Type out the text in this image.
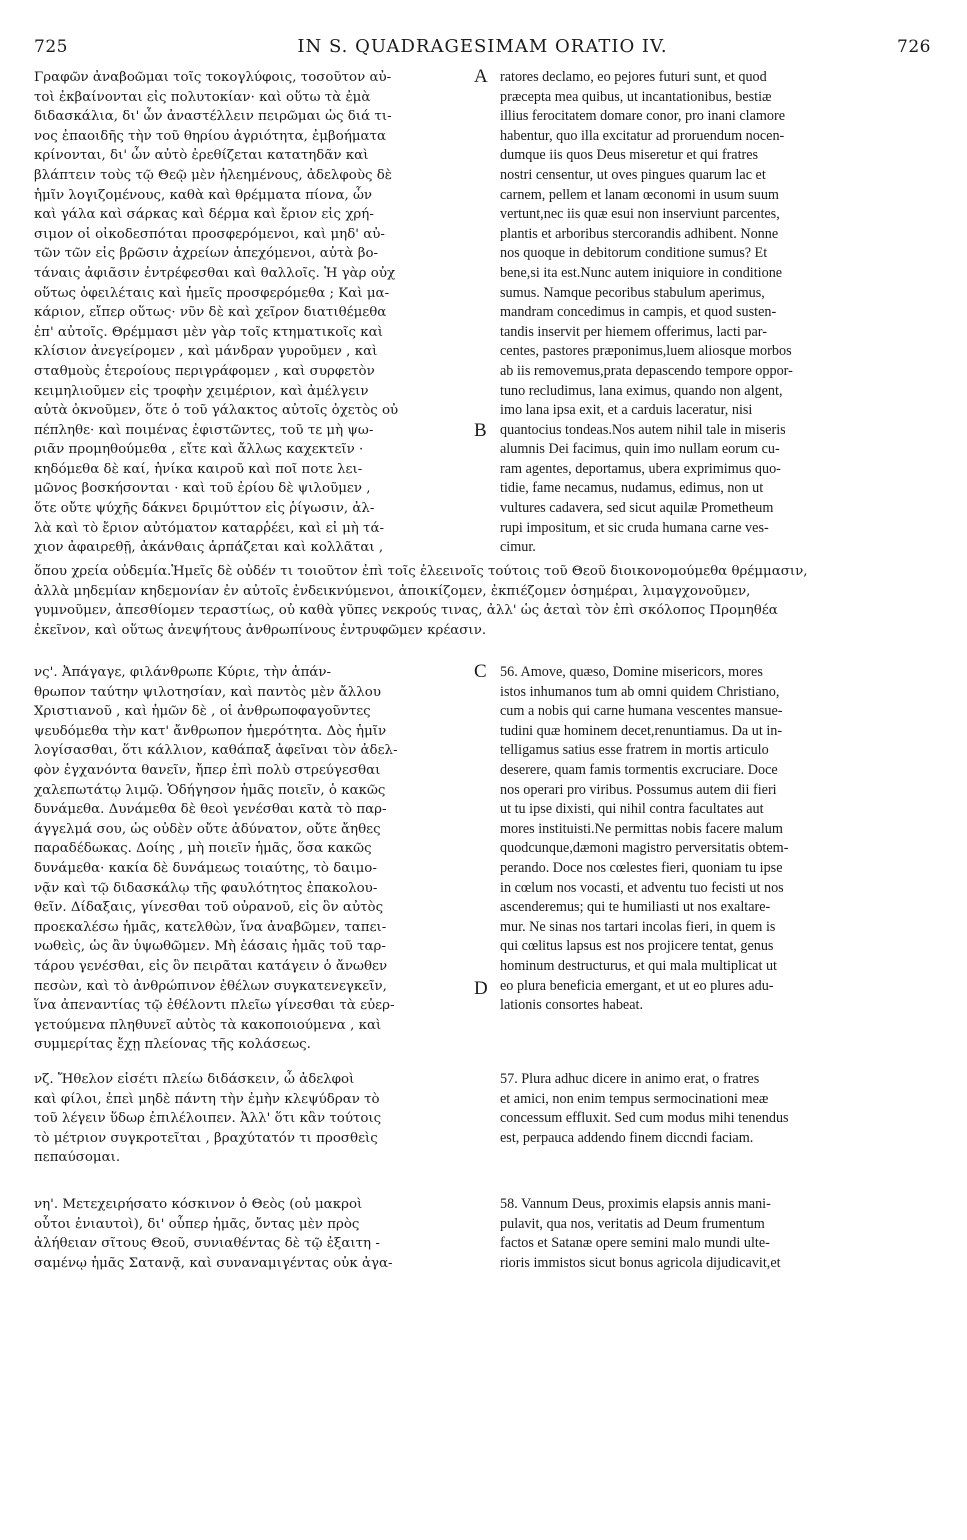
725	IN S. QUADRAGESIMAM ORATIO IV.	726
Γραφῶν ἀναβοῶμαι τοῖς τοκογλύφοις, τοσοῦτον αὐ-
τοὶ ἐκβαίνονται εἰς πολυτοκίαν· καὶ οὕτω τὰ ἐμὰ
διδασκάλια, δι' ὧν ἀναστέλλειν πειρῶμαι ὡς διά τι-
νος ἐπαοιδῆς τὴν τοῦ θηρίου ἀγριότητα, ἐμβοήματα
κρίνονται, δι' ὧν αὐτὸ ἐρεθίζεται κατατηδᾶν καὶ
βλάπτειν τοὺς τῷ Θεῷ μὲν ἠλεημένους, ἀδελφοὺς δὲ
ἡμῖν λογιζομένους, καθὰ καὶ θρέμματα πίονα, ὧν
καὶ γάλα καὶ σάρκας καὶ δέρμα καὶ ἔριον εἰς χρή-
σιμον οἱ οἰκοδεσπόται προσφερόμενοι, καὶ μηδ' αὐ-
τῶν τῶν εἰς βρῶσιν ἀχρείων ἀπεχόμενοι, αὐτὰ βο-
τάναις ἀφιᾶσιν ἐντρέφεσθαι καὶ θαλλοῖς. Ἡ γὰρ οὐχ
οὕτως ὀφειλέταις καὶ ἡμεῖς προσφερόμεθα ; Καὶ μα-
κάριον, εἴπερ οὕτως· νῦν δὲ καὶ χεῖρον διατιθέμεθα
ἐπ' αὐτοῖς. Θρέμμασι μὲν γὰρ τοῖς κτηματικοῖς καὶ
κλίσιον ἀνεγείρομεν , καὶ μάνδραν γυροῦμεν , καὶ
σταθμοὺς ἑτεροίους περιγράφομεν , καὶ συρφετὸν
κειμηλιοῦμεν εἰς τροφὴν χειμέριον, καὶ ἀμέλγειν
αὐτὰ ὀκνοῦμεν, ὅτε ὁ τοῦ γάλακτος αὐτοῖς ὀχετὸς οὐ
πέπληθε· καὶ ποιμένας ἐφιστῶντες, τοῦ τε μὴ ψω-
ριᾶν προμηθούμεθα , εἴτε καὶ ἄλλως καχεκτεῖν ·
κηδόμεθα δὲ καί, ἡνίκα καιροῦ καὶ ποῖ ποτε λει-
μῶνος βοσκήσονται · καὶ τοῦ ἐρίου δὲ ψιλοῦμεν ,
ὅτε οὔτε ψύχῆς δάκνει δριμύττον εἰς ῥίγωσιν, ἀλ-
λὰ καὶ τὸ ἔριον αὐτόματον καταρῥέει, καὶ εἰ μὴ τά-
χιον ἀφαιρεθῇ, ἀκάνθαις ἁρπάζεται καὶ κολλᾶται ,
ratores declamo, eo pejores futuri sunt, et quod
præcepta mea quibus, ut incantationibus, bestiæ
illius ferocitatem domare conor, pro inani clamore
habentur, quo illa excitatur ad proruendum nocen-
dumque iis quos Deus miseretur et qui fratres
nostri censentur, ut oves pingues quarum lac et
carnem, pellem et lanam œconomi in usum suum
vertunt,nec iis quæ esui non inserviunt parcentes,
plantis et arboribus stercorandis adhibent. Nonne
nos quoque in debitorum conditione sumus? Et
bene,si ita est.Nunc autem iniquiore in conditione
sumus. Namque pecoribus stabulum aperimus,
mandram concedimus in campis, et quod susten-
tandis inservit per hiemem offerimus, lacti par-
centes, pastores præponimus,luem aliosque morbos
ab iis removemus,prata depascendo tempore oppor-
tuno recludimus, lana eximus, quando non algent,
imo lana ipsa exit, et a carduis laceratur, nisi
quantocius tondeas.Nos autem nihil tale in miseris
alumnis Dei facimus, quin imo nullam eorum cu-
ram agentes, deportamus, ubera exprimimus quo-
tidie, fame necamus, nudamus, edimus, non ut
vultures cadavera, sed sicut aquilæ Prometheum
rupi impositum, et sic cruda humana carne ves-
cimur.
ὅπου χρεία οὐδεμία.Ἡμεῖς δὲ οὐδέν τι τοιοῦτον ἐπὶ τοῖς ἐλεεινοῖς τούτοις τοῦ Θεοῦ διοικονομούμεθα θρέμμασιν,
ἀλλὰ μηδεμίαν κηδεμονίαν ἐν αὐτοῖς ἐνδεικνύμενοι, ἀποικίζομεν, ἐκπιέζομεν ὁσημέραι, λιμαγχονοῦμεν,
γυμνοῦμεν, ἀπεσθίομεν τεραστίως, οὐ καθὰ γῦπες νεκρούς τινας, ἀλλ' ὡς ἀεταὶ τὸν ἐπὶ σκόλοπος Προμηθέα
ἐκεῖνον, καὶ οὕτως ἀνεψήτους ἀνθρωπίνους ἐντρυφῶμεν κρέασιν.
νς'. Ἀπάγαγε, φιλάνθρωπε Κύριε, τὴν ἀπάν-
θρωπον ταύτην ψιλοτησίαν, καὶ παντὸς μὲν ἄλλου
Χριστιανοῦ , καὶ ἡμῶν δὲ , οἱ ἀνθρωποφαγοῦντες
ψευδόμεθα τὴν κατ' ἄνθρωπον ἡμερότητα. Δὸς ἡμῖν
λογίσασθαι, ὅτι κάλλιον, καθάπαξ ἀφεῖναι τὸν ἀδελ-
φὸν ἐγχανόντα θανεῖν, ἤπερ ἐπὶ πολὺ στρεύγεσθαι
χαλεπωτάτῳ λιμῷ. Ὁδήγησον ἡμᾶς ποιεῖν, ὁ κακῶς
δυνάμεθα. Δυνάμεθα δὲ θεοὶ γενέσθαι κατὰ τὸ παρ-
άγγελμά σου, ὡς οὐδὲν οὔτε ἀδύνατον, οὔτε ἄηθες
παραδέδωκας. Δοίης , μὴ ποιεῖν ἡμᾶς, ὅσα κακῶς
δυνάμεθα· κακία δὲ δυνάμεως τοιαύτης, τὸ δαιμο-
νᾷν καὶ τῷ διδασκάλῳ τῆς φαυλότητος ἐπακολου-
θεῖν. Δίδαξαις, γίνεσθαι τοῦ οὐρανοῦ, εἰς ὃν αὐτὸς
προεκαλέσω ἡμᾶς, κατελθὼν, ἵνα ἀναβῶμεν, ταπει-
νωθεὶς, ὡς ἂν ὑψωθῶμεν. Μὴ ἐάσαις ἡμᾶς τοῦ ταρ-
τάρου γενέσθαι, εἰς ὃν πειρᾶται κατάγειν ὁ ἄνωθεν
πεσὼν, καὶ τὸ ἀνθρώπινον ἐθέλων συγκατενεγκεῖν,
ἵνα ἀπεναντίας τῷ ἐθέλοντι πλεῖω γίνεσθαι τὰ εὐερ-
γετούμενα πληθυνεῖ αὐτὸς τὰ κακοποιούμενα , καὶ
συμμερίτας ἔχῃ πλείονας τῆς κολάσεως.
56. Amove, quæso, Domine misericors, mores
istos inhumanos tum ab omni quidem Christiano,
cum a nobis qui carne humana vescentes mansue-
tudini quæ hominem decet,renuntiamus. Da ut in-
telligamus satius esse fratrem in mortis articulo
deserere, quam famis tormentis excruciare. Doce
nos operari pro viribus. Possumus autem dii fieri
ut tu ipse dixisti, qui nihil contra facultates aut
mores instituisti.Ne permittas nobis facere malum
quodcunque,dæmoni magistro perversitatis obtem-
perando. Doce nos cœlestes fieri, quoniam tu ipse
in cœlum nos vocasti, et adventu tuo fecisti ut nos
ascenderemus; qui te humiliasti ut nos exaltare-
mur. Ne sinas nos tartari incolas fieri, in quem is
qui cœlitus lapsus est nos projicere tentat, genus
hominum destructurus, et qui mala multiplicat ut
eo plura beneficia emergant, et ut eo plures adu-
lationis consortes habeat.
νζ. Ἤθελον εἰσέτι πλείω διδάσκειν, ὦ ἀδελφοὶ
καὶ φίλοι, ἐπεὶ μηδὲ πάντη τὴν ἐμὴν κλεψύδραν τὸ
τοῦ λέγειν ὕδωρ ἐπιλέλοιπεν. Ἀλλ' ὅτι κἂν τούτοις
τὸ μέτριον συγκροτεῖται , βραχύτατόν τι προσθεὶς
πεπαύσομαι.
57. Plura adhuc dicere in animo erat, o fratres
et amici, non enim tempus sermocinationi meæ
concessum effluxit. Sed cum modus mihi tenendus
est, perpauca addendo finem diccndi faciam.
νη'. Μετεχειρήσατο κόσκινον ὁ Θεὸς (οὐ μακροὶ
οὗτοι ἐνιαυτοὶ), δι' οὗπερ ἡμᾶς, ὄντας μὲν πρὸς
ἀλήθειαν σῖτους Θεοῦ, συνιαθέντας δὲ τῷ ἐξαιτη -
σαμένῳ ἡμᾶς Σατανᾷ, καὶ συναναμιγέντας οὐκ ἀγα-
58. Vannum Deus, proximis elapsis annis mani-
pulavit, qua nos, veritatis ad Deum frumentum
factos et Satanæ opere semini malo mundi ulte-
rioris immistos sicut bonus agricola dijudicavit,et
A
B
C
D
